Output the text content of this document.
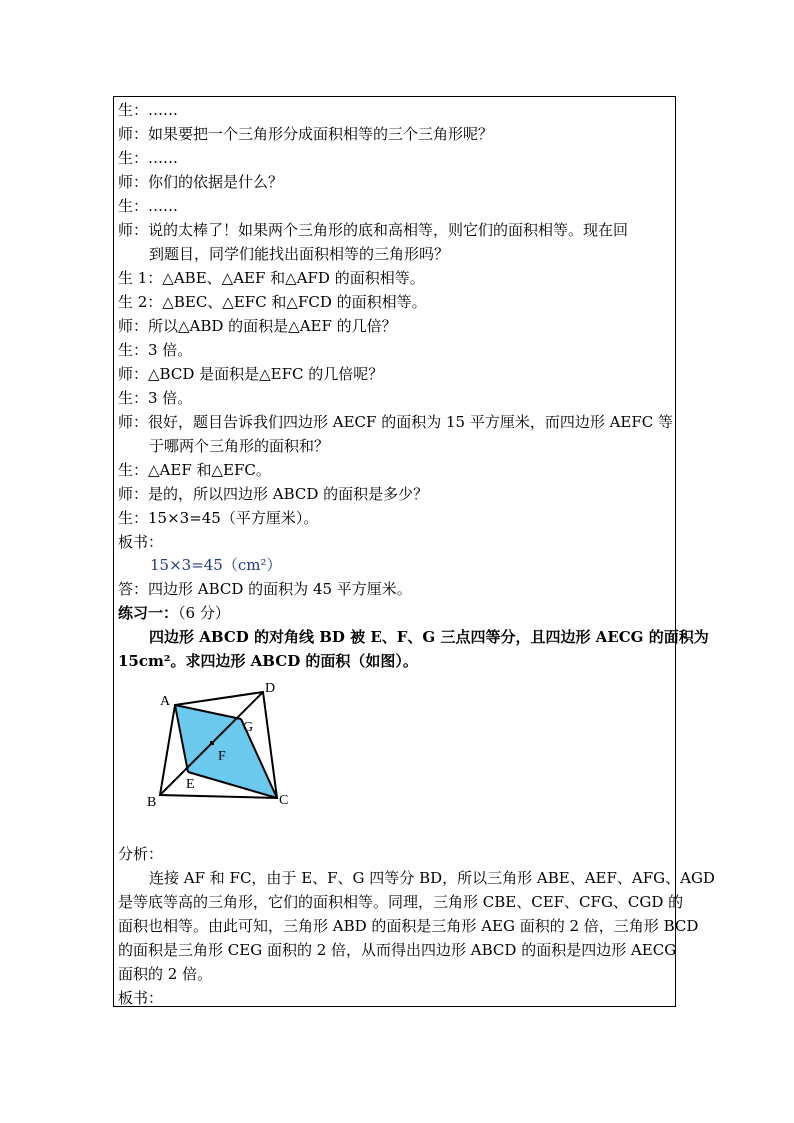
生：……
师：如果要把一个三角形分成面积相等的三个三角形呢？
生：……
师：你们的依据是什么？
生：……
师：说的太棒了！如果两个三角形的底和高相等，则它们的面积相等。现在回
到题目，同学们能找出面积相等的三角形吗？
生 1：△ABE、△AEF 和△AFD 的面积相等。
生 2：△BEC、△EFC 和△FCD 的面积相等。
师：所以△ABD 的面积是△AEF 的几倍？
生：3 倍。
师：△BCD 是面积是△EFC 的几倍呢？
生：3 倍。
师：很好，题目告诉我们四边形 AECF 的面积为 15 平方厘米，而四边形 AEFC 等
于哪两个三角形的面积和？
生：△AEF 和△EFC。
师：是的，所以四边形 ABCD 的面积是多少？
生：15×3=45（平方厘米）。
板书：
15×3=45（cm²）
答：四边形 ABCD 的面积为 45 平方厘米。
练习一：（6 分）
四边形 ABCD 的对角线 BD 被 E、F、G 三点四等分，且四边形 AECG 的面积为
15cm²。求四边形 ABCD 的面积（如图）。
A
D
G
F
E
B	C
分析：
连接 AF 和 FC，由于 E、F、G 四等分 BD，所以三角形 ABE、AEF、AFG、AGD
是等底等高的三角形，它们的面积相等。同理，三角形 CBE、CEF、CFG、CGD 的
面积也相等。由此可知，三角形 ABD 的面积是三角形 AEG 面积的 2 倍，三角形 BCD
的面积是三角形 CEG 面积的 2 倍，从而得出四边形 ABCD 的面积是四边形 AECG
面积的 2 倍。
板书：
